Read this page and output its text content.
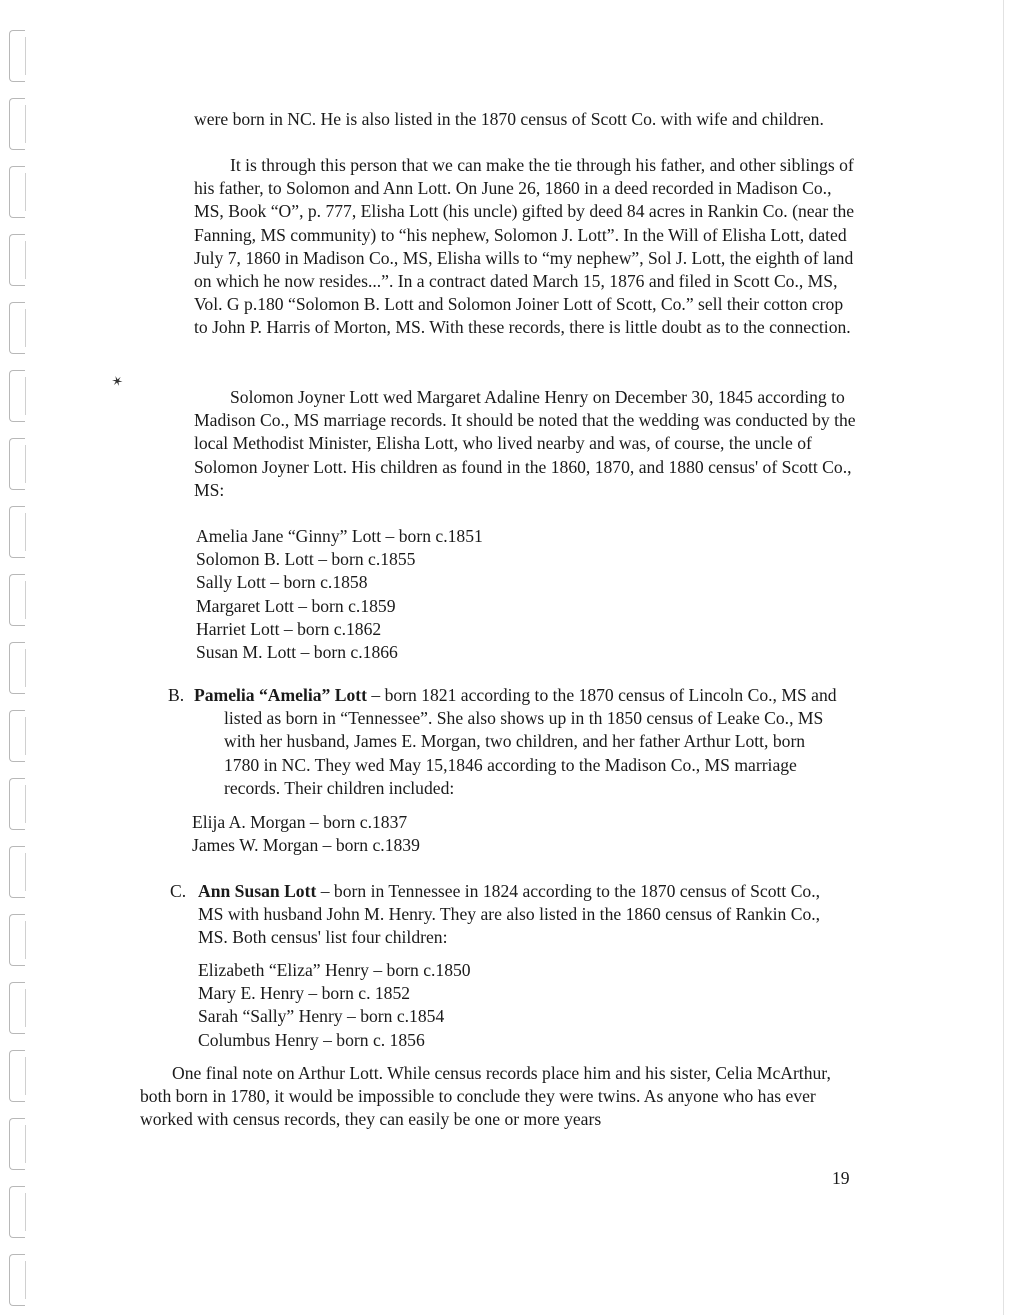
✶

were born in NC. He is also listed in the 1870 census of Scott Co. with wife and children.

It is through this person that we can make the tie through his father, and other siblings of his father, to Solomon and Ann Lott. On June 26, 1860 in a deed recorded in Madison Co., MS, Book “O”, p. 777, Elisha Lott (his uncle) gifted by deed 84 acres in Rankin Co. (near the Fanning, MS community) to “his nephew, Solomon J. Lott”. In the Will of Elisha Lott, dated July 7, 1860 in Madison Co., MS, Elisha wills to “my nephew”, Sol J. Lott, the eighth of land on which he now resides...”. In a contract dated March 15, 1876 and filed in Scott Co., MS, Vol. G p.180 “Solomon B. Lott and Solomon Joiner Lott of Scott, Co.” sell their cotton crop to John P. Harris of Morton, MS. With these records, there is little doubt as to the connection.

Solomon Joyner Lott wed Margaret Adaline Henry on December 30, 1845 according to Madison Co., MS marriage records. It should be noted that the wedding was conducted by the local Methodist Minister, Elisha Lott, who lived nearby and was, of course, the uncle of Solomon Joyner Lott. His children as found in the 1860, 1870, and 1880 census' of Scott Co., MS:

Amelia Jane “Ginny” Lott – born c.1851
Solomon B. Lott – born c.1855
Sally Lott – born c.1858
Margaret Lott – born c.1859
Harriet Lott – born c.1862
Susan M. Lott – born c.1866
B. Pamelia “Amelia” Lott – born 1821 according to the 1870 census of Lincoln Co., MS and listed as born in “Tennessee”. She also shows up in th 1850 census of Leake Co., MS with her husband, James E. Morgan, two children, and her father Arthur Lott, born 1780 in NC. They wed May 15,1846 according to the Madison Co., MS marriage records. Their children included:

Elija A. Morgan – born c.1837
James W. Morgan – born c.1839
C. Ann Susan Lott – born in Tennessee in 1824 according to the 1870 census of Scott Co., MS with husband John M. Henry. They are also listed in the 1860 census of Rankin Co., MS. Both census' list four children:

Elizabeth “Eliza” Henry – born c.1850
Mary E. Henry – born c. 1852
Sarah “Sally” Henry – born c.1854
Columbus Henry – born c. 1856

One final note on Arthur Lott. While census records place him and his sister, Celia McArthur, both born in 1780, it would be impossible to conclude they were twins. As anyone who has ever worked with census records, they can easily be one or more years

19
